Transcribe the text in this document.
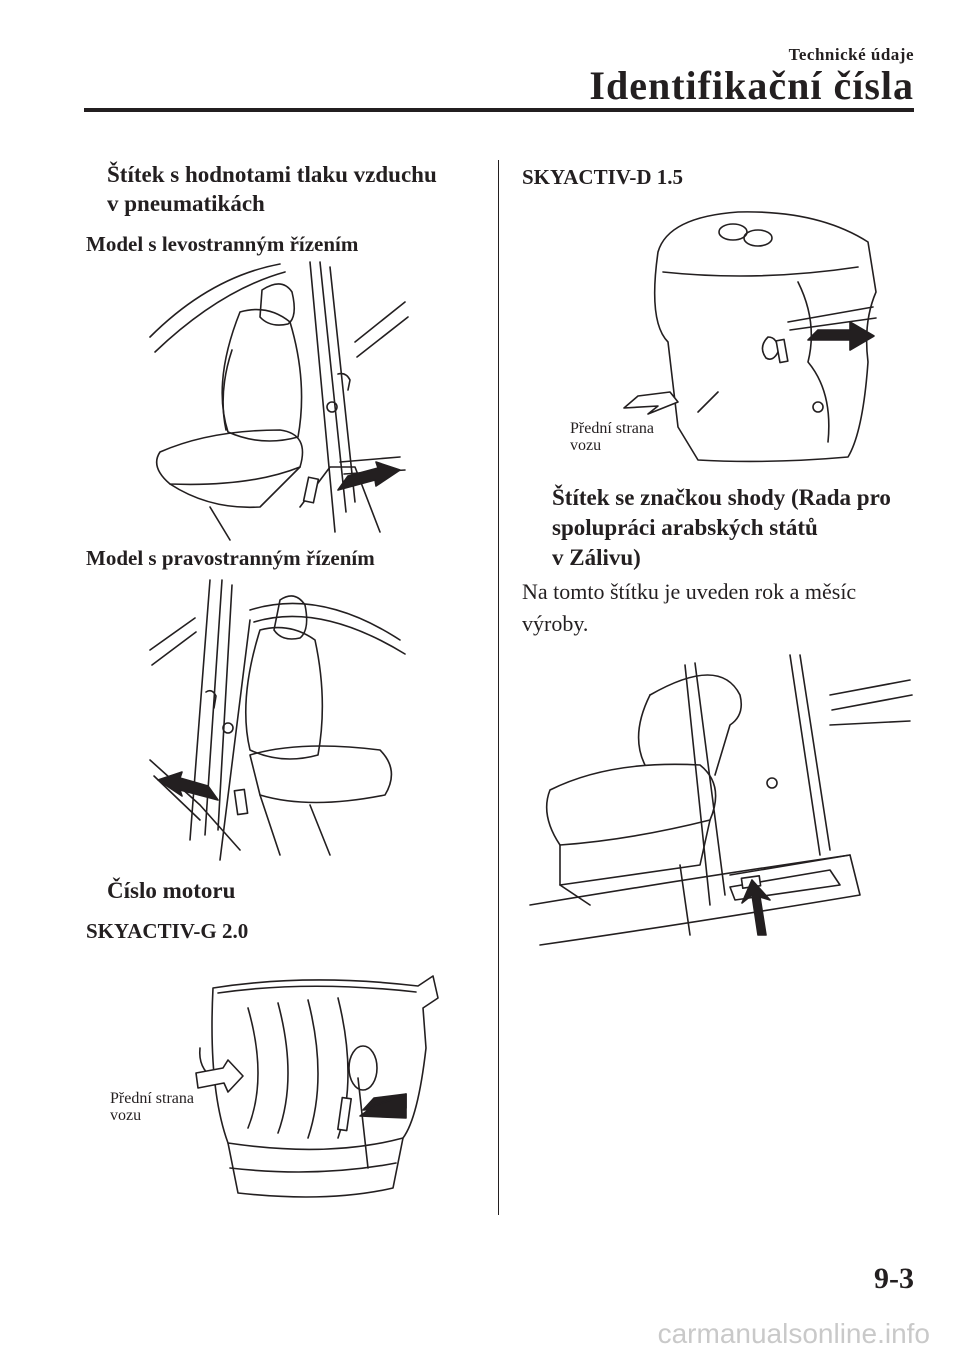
Technické údaje
Identifikační čísla
Štítek s hodnotami tlaku vzduchu
v pneumatikách
Model s levostranným řízením
Model s pravostranným řízením
Číslo motoru
SKYACTIV-G 2.0
Přední strana
vozu
SKYACTIV-D 1.5
Přední strana
vozu
Štítek se značkou shody (Rada pro
spolupráci arabských států
v Zálivu)
Na tomto štítku je uveden rok a měsíc
výroby.
9-3
carmanualsonline.info
